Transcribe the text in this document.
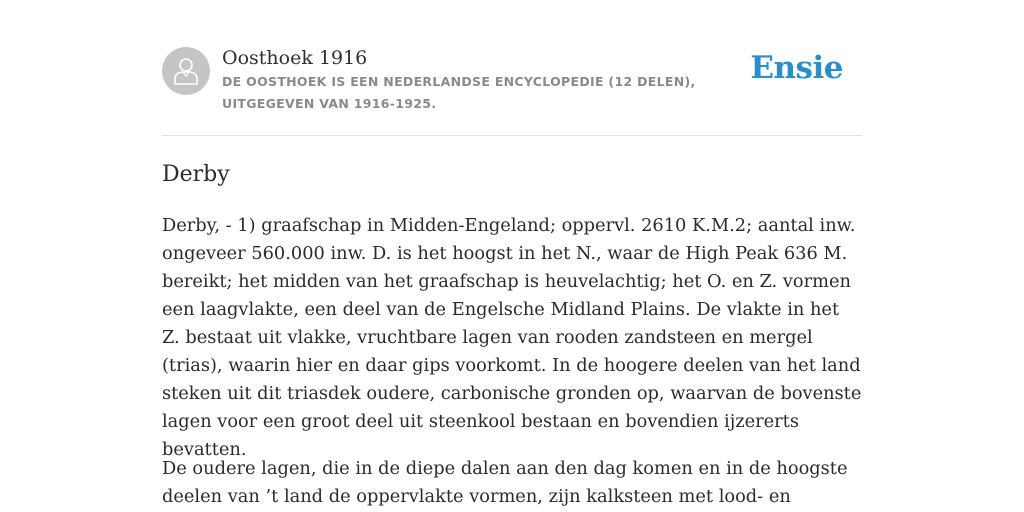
Oosthoek 1916
DE OOSTHOEK IS EEN NEDERLANDSE ENCYCLOPEDIE (12 DELEN), UITGEGEVEN VAN 1916-1925.
Ensie
Derby

Derby, - 1) graafschap in Midden-Engeland; oppervl. 2610 K.M.2; aantal inw. ongeveer 560.000 inw. D. is het hoogst in het N., waar de High Peak 636 M. bereikt; het midden van het graafschap is heuvelachtig; het O. en Z. vormen een laagvlakte, een deel van de Engelsche Midland Plains. De vlakte in het Z. bestaat uit vlakke, vruchtbare lagen van rooden zandsteen en mergel (trias), waarin hier en daar gips voorkomt. In de hoogere deelen van het land steken uit dit triasdek oudere, carbonische gronden op, waarvan de bovenste lagen voor een groot deel uit steenkool bestaan en bovendien ijzererts bevatten.

De oudere lagen, die in de diepe dalen aan den dag komen en in de hoogste deelen van ’t land de oppervlakte vormen, zijn kalksteen met lood- en
